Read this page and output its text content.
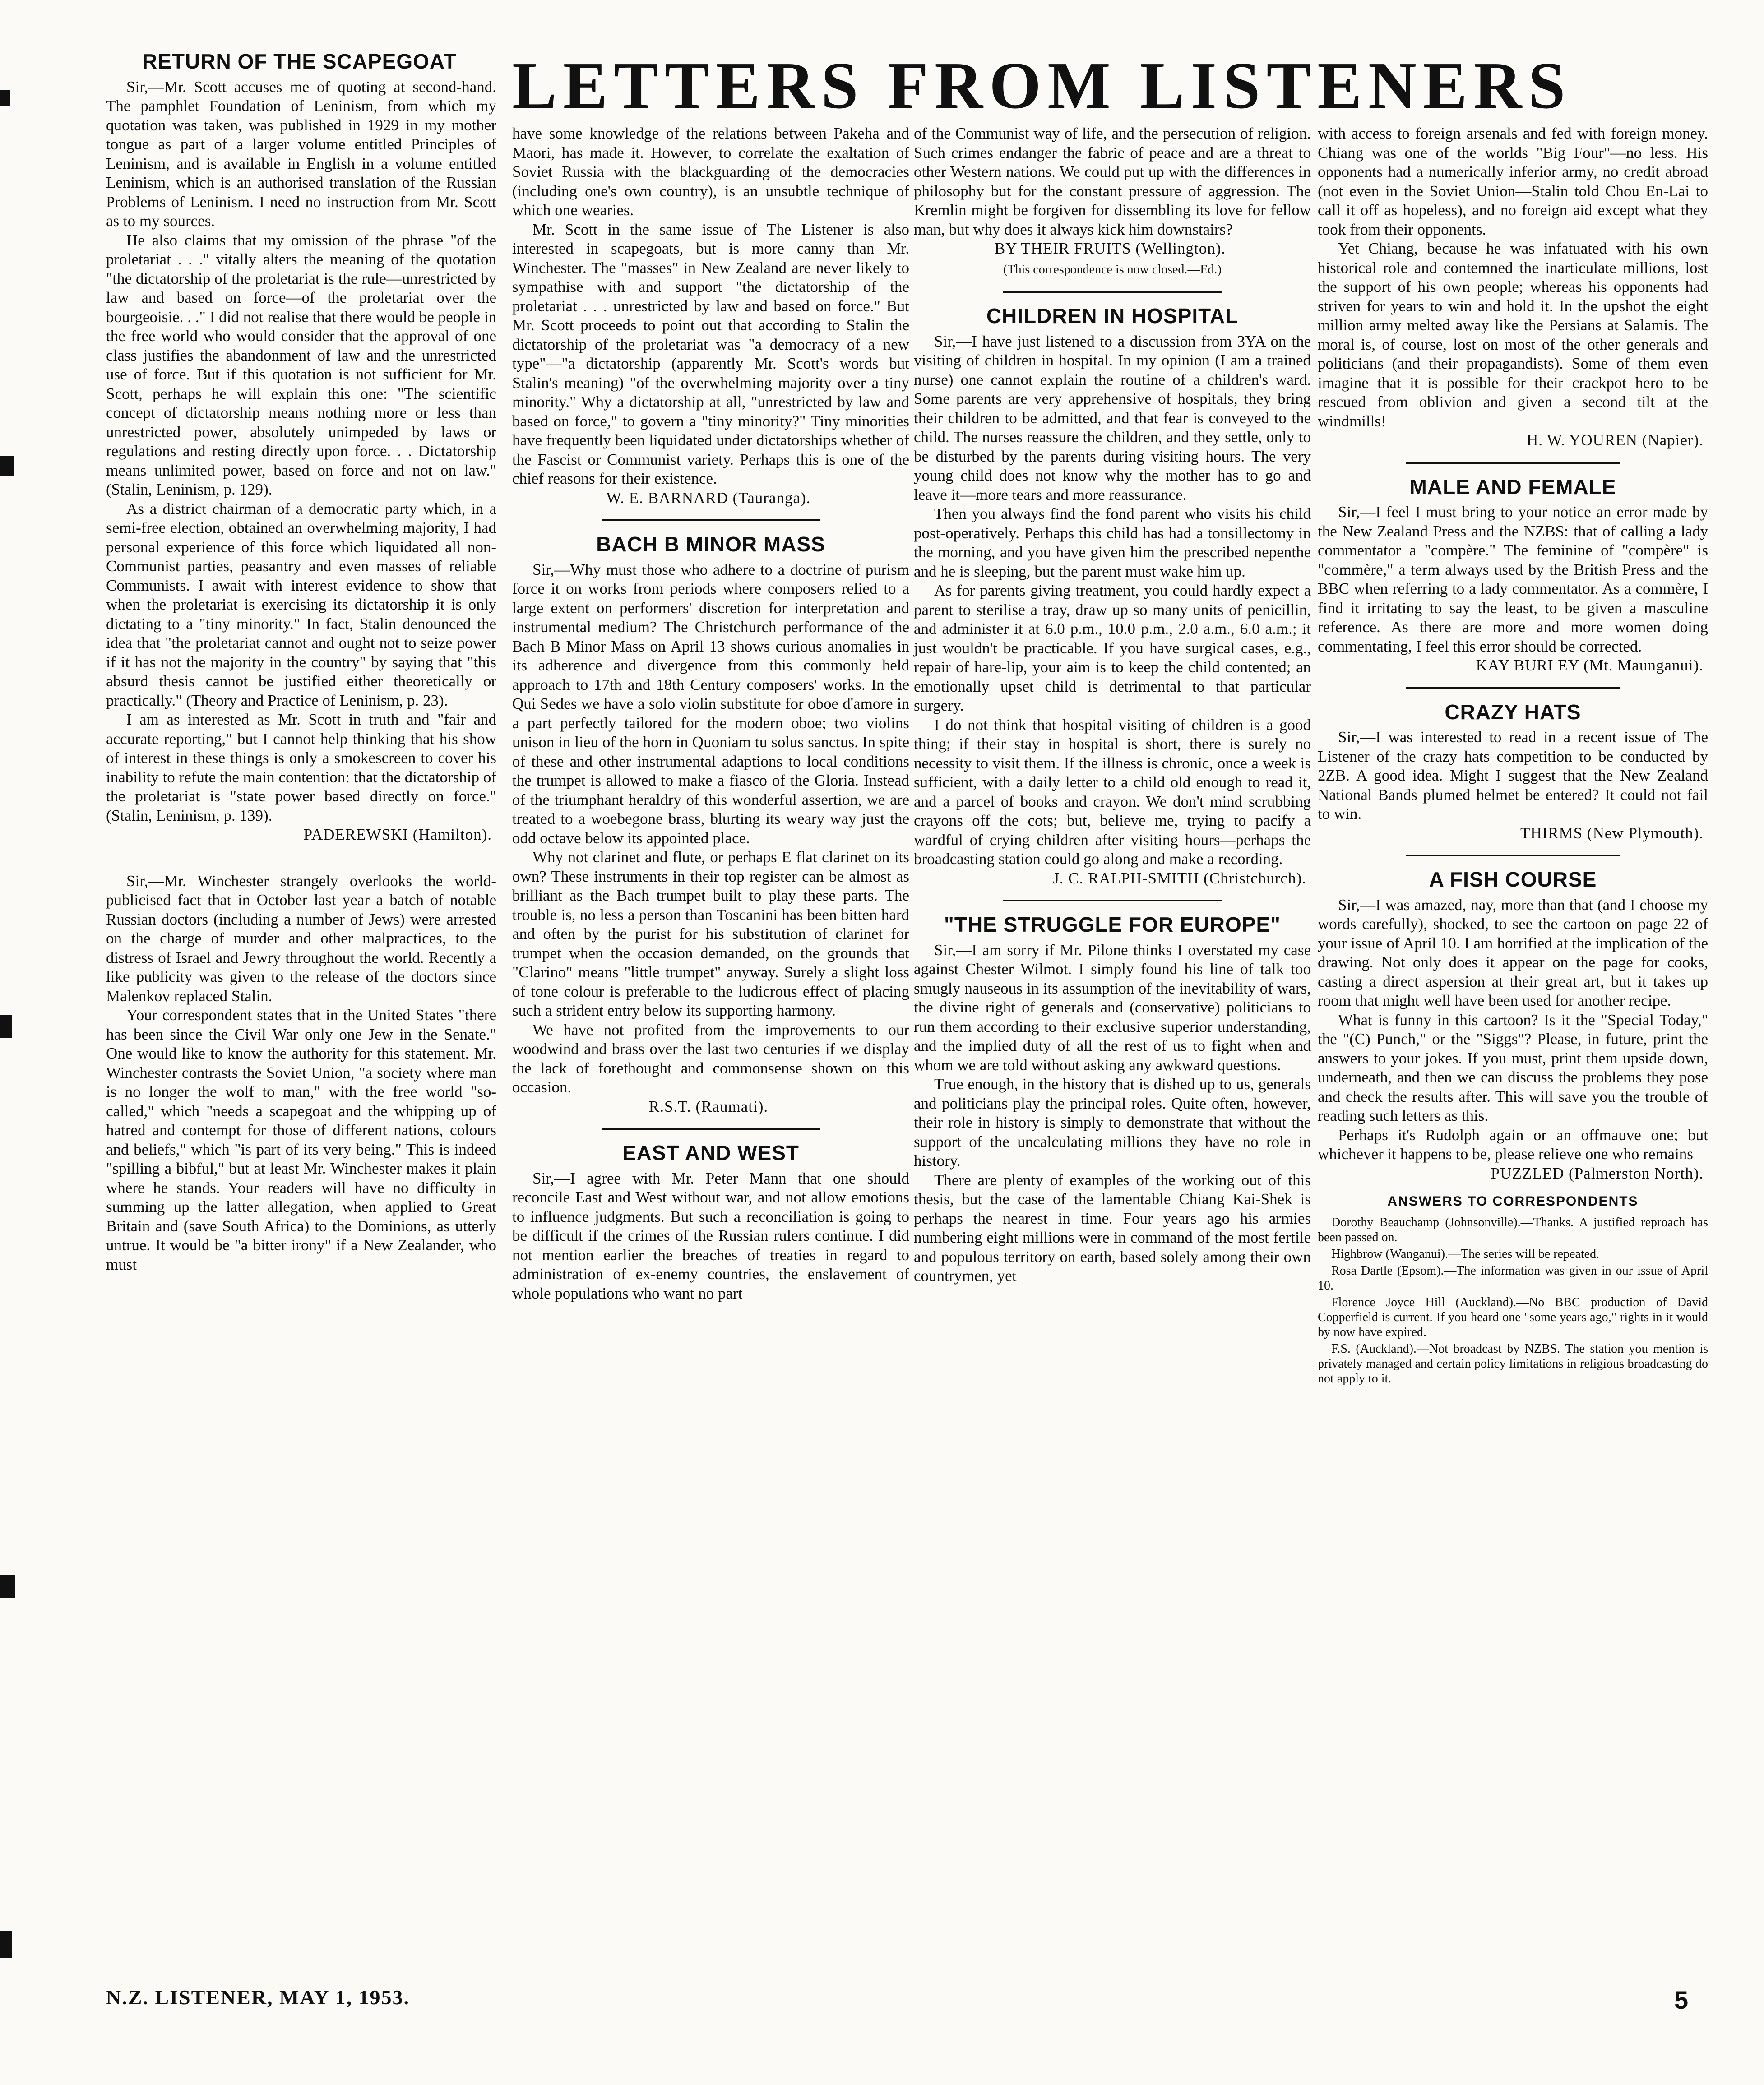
LETTERS FROM LISTENERS
RETURN OF THE SCAPEGOAT

Sir,—Mr. Scott accuses me of quoting at second-hand. The pamphlet Foundation of Leninism, from which my quotation was taken, was published in 1929 in my mother tongue as part of a larger volume entitled Principles of Leninism, and is available in English in a volume entitled Leninism, which is an authorised translation of the Russian Problems of Leninism. I need no instruction from Mr. Scott as to my sources.

He also claims that my omission of the phrase "of the proletariat . . ." vitally alters the meaning of the quotation "the dictatorship of the proletariat is the rule—unrestricted by law and based on force—of the proletariat over the bourgeoisie. . ." I did not realise that there would be people in the free world who would consider that the approval of one class justifies the abandonment of law and the unrestricted use of force. But if this quotation is not sufficient for Mr. Scott, perhaps he will explain this one: "The scientific concept of dictatorship means nothing more or less than unrestricted power, absolutely unimpeded by laws or regulations and resting directly upon force. . . Dictatorship means unlimited power, based on force and not on law." (Stalin, Leninism, p. 129).

As a district chairman of a democratic party which, in a semi-free election, obtained an overwhelming majority, I had personal experience of this force which liquidated all non-Communist parties, peasantry and even masses of reliable Communists. I await with interest evidence to show that when the proletariat is exercising its dictatorship it is only dictating to a "tiny minority." In fact, Stalin denounced the idea that "the proletariat cannot and ought not to seize power if it has not the majority in the country" by saying that "this absurd thesis cannot be justified either theoretically or practically." (Theory and Practice of Leninism, p. 23).

I am as interested as Mr. Scott in truth and "fair and accurate reporting," but I cannot help thinking that his show of interest in these things is only a smokescreen to cover his inability to refute the main contention: that the dictatorship of the proletariat is "state power based directly on force." (Stalin, Leninism, p. 139).

PADEREWSKI (Hamilton).

Sir,—Mr. Winchester strangely overlooks the world-publicised fact that in October last year a batch of notable Russian doctors (including a number of Jews) were arrested on the charge of murder and other malpractices, to the distress of Israel and Jewry throughout the world. Recently a like publicity was given to the release of the doctors since Malenkov replaced Stalin.

Your correspondent states that in the United States "there has been since the Civil War only one Jew in the Senate." One would like to know the authority for this statement. Mr. Winchester contrasts the Soviet Union, "a society where man is no longer the wolf to man," with the free world "so-called," which "needs a scapegoat and the whipping up of hatred and contempt for those of different nations, colours and beliefs," which "is part of its very being." This is indeed "spilling a bibful," but at least Mr. Winchester makes it plain where he stands. Your readers will have no difficulty in summing up the latter allegation, when applied to Great Britain and (save South Africa) to the Dominions, as utterly untrue. It would be "a bitter irony" if a New Zealander, who must

have some knowledge of the relations between Pakeha and Maori, has made it. However, to correlate the exaltation of Soviet Russia with the blackguarding of the democracies (including one's own country), is an unsubtle technique of which one wearies.

Mr. Scott in the same issue of The Listener is also interested in scapegoats, but is more canny than Mr. Winchester. The "masses" in New Zealand are never likely to sympathise with and support "the dictatorship of the proletariat . . . unrestricted by law and based on force." But Mr. Scott proceeds to point out that according to Stalin the dictatorship of the proletariat was "a democracy of a new type"—"a dictatorship (apparently Mr. Scott's words but Stalin's meaning) "of the overwhelming majority over a tiny minority." Why a dictatorship at all, "unrestricted by law and based on force," to govern a "tiny minority?" Tiny minorities have frequently been liquidated under dictatorships whether of the Fascist or Communist variety. Perhaps this is one of the chief reasons for their existence.

W. E. BARNARD (Tauranga).
BACH B MINOR MASS

Sir,—Why must those who adhere to a doctrine of purism force it on works from periods where composers relied to a large extent on performers' discretion for interpretation and instrumental medium? The Christchurch performance of the Bach B Minor Mass on April 13 shows curious anomalies in its adherence and divergence from this commonly held approach to 17th and 18th Century composers' works. In the Qui Sedes we have a solo violin substitute for oboe d'amore in a part perfectly tailored for the modern oboe; two violins unison in lieu of the horn in Quoniam tu solus sanctus. In spite of these and other instrumental adaptions to local conditions the trumpet is allowed to make a fiasco of the Gloria. Instead of the triumphant heraldry of this wonderful assertion, we are treated to a woebegone brass, blurting its weary way just the odd octave below its appointed place.

Why not clarinet and flute, or perhaps E flat clarinet on its own? These instruments in their top register can be almost as brilliant as the Bach trumpet built to play these parts. The trouble is, no less a person than Toscanini has been bitten hard and often by the purist for his substitution of clarinet for trumpet when the occasion demanded, on the grounds that "Clarino" means "little trumpet" anyway. Surely a slight loss of tone colour is preferable to the ludicrous effect of placing such a strident entry below its supporting harmony.

We have not profited from the improvements to our woodwind and brass over the last two centuries if we display the lack of forethought and commonsense shown on this occasion.

R.S.T. (Raumati).
EAST AND WEST

Sir,—I agree with Mr. Peter Mann that one should reconcile East and West without war, and not allow emotions to influence judgments. But such a reconciliation is going to be difficult if the crimes of the Russian rulers continue. I did not mention earlier the breaches of treaties in regard to administration of ex-enemy countries, the enslavement of whole populations who want no part

of the Communist way of life, and the persecution of religion. Such crimes endanger the fabric of peace and are a threat to other Western nations. We could put up with the differences in philosophy but for the constant pressure of aggression. The Kremlin might be forgiven for dissembling its love for fellow man, but why does it always kick him downstairs?

BY THEIR FRUITS (Wellington).
(This correspondence is now closed.—Ed.)
CHILDREN IN HOSPITAL

Sir,—I have just listened to a discussion from 3YA on the visiting of children in hospital. In my opinion (I am a trained nurse) one cannot explain the routine of a children's ward. Some parents are very apprehensive of hospitals, they bring their children to be admitted, and that fear is conveyed to the child. The nurses reassure the children, and they settle, only to be disturbed by the parents during visiting hours. The very young child does not know why the mother has to go and leave it—more tears and more reassurance.

Then you always find the fond parent who visits his child post-operatively. Perhaps this child has had a tonsillectomy in the morning, and you have given him the prescribed nepenthe and he is sleeping, but the parent must wake him up.

As for parents giving treatment, you could hardly expect a parent to sterilise a tray, draw up so many units of penicillin, and administer it at 6.0 p.m., 10.0 p.m., 2.0 a.m., 6.0 a.m.; it just wouldn't be practicable. If you have surgical cases, e.g., repair of hare-lip, your aim is to keep the child contented; an emotionally upset child is detrimental to that particular surgery.

I do not think that hospital visiting of children is a good thing; if their stay in hospital is short, there is surely no necessity to visit them. If the illness is chronic, once a week is sufficient, with a daily letter to a child old enough to read it, and a parcel of books and crayon. We don't mind scrubbing crayons off the cots; but, believe me, trying to pacify a wardful of crying children after visiting hours—perhaps the broadcasting station could go along and make a recording.

J. C. RALPH-SMITH (Christchurch).
"THE STRUGGLE FOR EUROPE"

Sir,—I am sorry if Mr. Pilone thinks I overstated my case against Chester Wilmot. I simply found his line of talk too smugly nauseous in its assumption of the inevitability of wars, the divine right of generals and (conservative) politicians to run them according to their exclusive superior understanding, and the implied duty of all the rest of us to fight when and whom we are told without asking any awkward questions.

True enough, in the history that is dished up to us, generals and politicians play the principal roles. Quite often, however, their role in history is simply to demonstrate that without the support of the uncalculating millions they have no role in history.

There are plenty of examples of the working out of this thesis, but the case of the lamentable Chiang Kai-Shek is perhaps the nearest in time. Four years ago his armies numbering eight millions were in command of the most fertile and populous territory on earth, based solely among their own countrymen, yet

with access to foreign arsenals and fed with foreign money. Chiang was one of the worlds "Big Four"—no less. His opponents had a numerically inferior army, no credit abroad (not even in the Soviet Union—Stalin told Chou En-Lai to call it off as hopeless), and no foreign aid except what they took from their opponents.

Yet Chiang, because he was infatuated with his own historical role and contemned the inarticulate millions, lost the support of his own people; whereas his opponents had striven for years to win and hold it. In the upshot the eight million army melted away like the Persians at Salamis. The moral is, of course, lost on most of the other generals and politicians (and their propagandists). Some of them even imagine that it is possible for their crackpot hero to be rescued from oblivion and given a second tilt at the windmills!

H. W. YOUREN (Napier).
MALE AND FEMALE

Sir,—I feel I must bring to your notice an error made by the New Zealand Press and the NZBS: that of calling a lady commentator a "compère." The feminine of "compère" is "commère," a term always used by the British Press and the BBC when referring to a lady commentator. As a commère, I find it irritating to say the least, to be given a masculine reference. As there are more and more women doing commentating, I feel this error should be corrected.

KAY BURLEY (Mt. Maunganui).
CRAZY HATS

Sir,—I was interested to read in a recent issue of The Listener of the crazy hats competition to be conducted by 2ZB. A good idea. Might I suggest that the New Zealand National Bands plumed helmet be entered? It could not fail to win.

THIRMS (New Plymouth).
A FISH COURSE

Sir,—I was amazed, nay, more than that (and I choose my words carefully), shocked, to see the cartoon on page 22 of your issue of April 10. I am horrified at the implication of the drawing. Not only does it appear on the page for cooks, casting a direct aspersion at their great art, but it takes up room that might well have been used for another recipe.

What is funny in this cartoon? Is it the "Special Today," the "(C) Punch," or the "Siggs"? Please, in future, print the answers to your jokes. If you must, print them upside down, underneath, and then we can discuss the problems they pose and check the results after. This will save you the trouble of reading such letters as this.

Perhaps it's Rudolph again or an offmauve one; but whichever it happens to be, please relieve one who remains

PUZZLED (Palmerston North).
ANSWERS TO CORRESPONDENTS

Dorothy Beauchamp (Johnsonville).—Thanks. A justified reproach has been passed on.

Highbrow (Wanganui).—The series will be repeated.

Rosa Dartle (Epsom).—The information was given in our issue of April 10.

Florence Joyce Hill (Auckland).—No BBC production of David Copperfield is current. If you heard one "some years ago," rights in it would by now have expired.

F.S. (Auckland).—Not broadcast by NZBS. The station you mention is privately managed and certain policy limitations in religious broadcasting do not apply to it.

N.Z. LISTENER, MAY 1, 1953.	5
